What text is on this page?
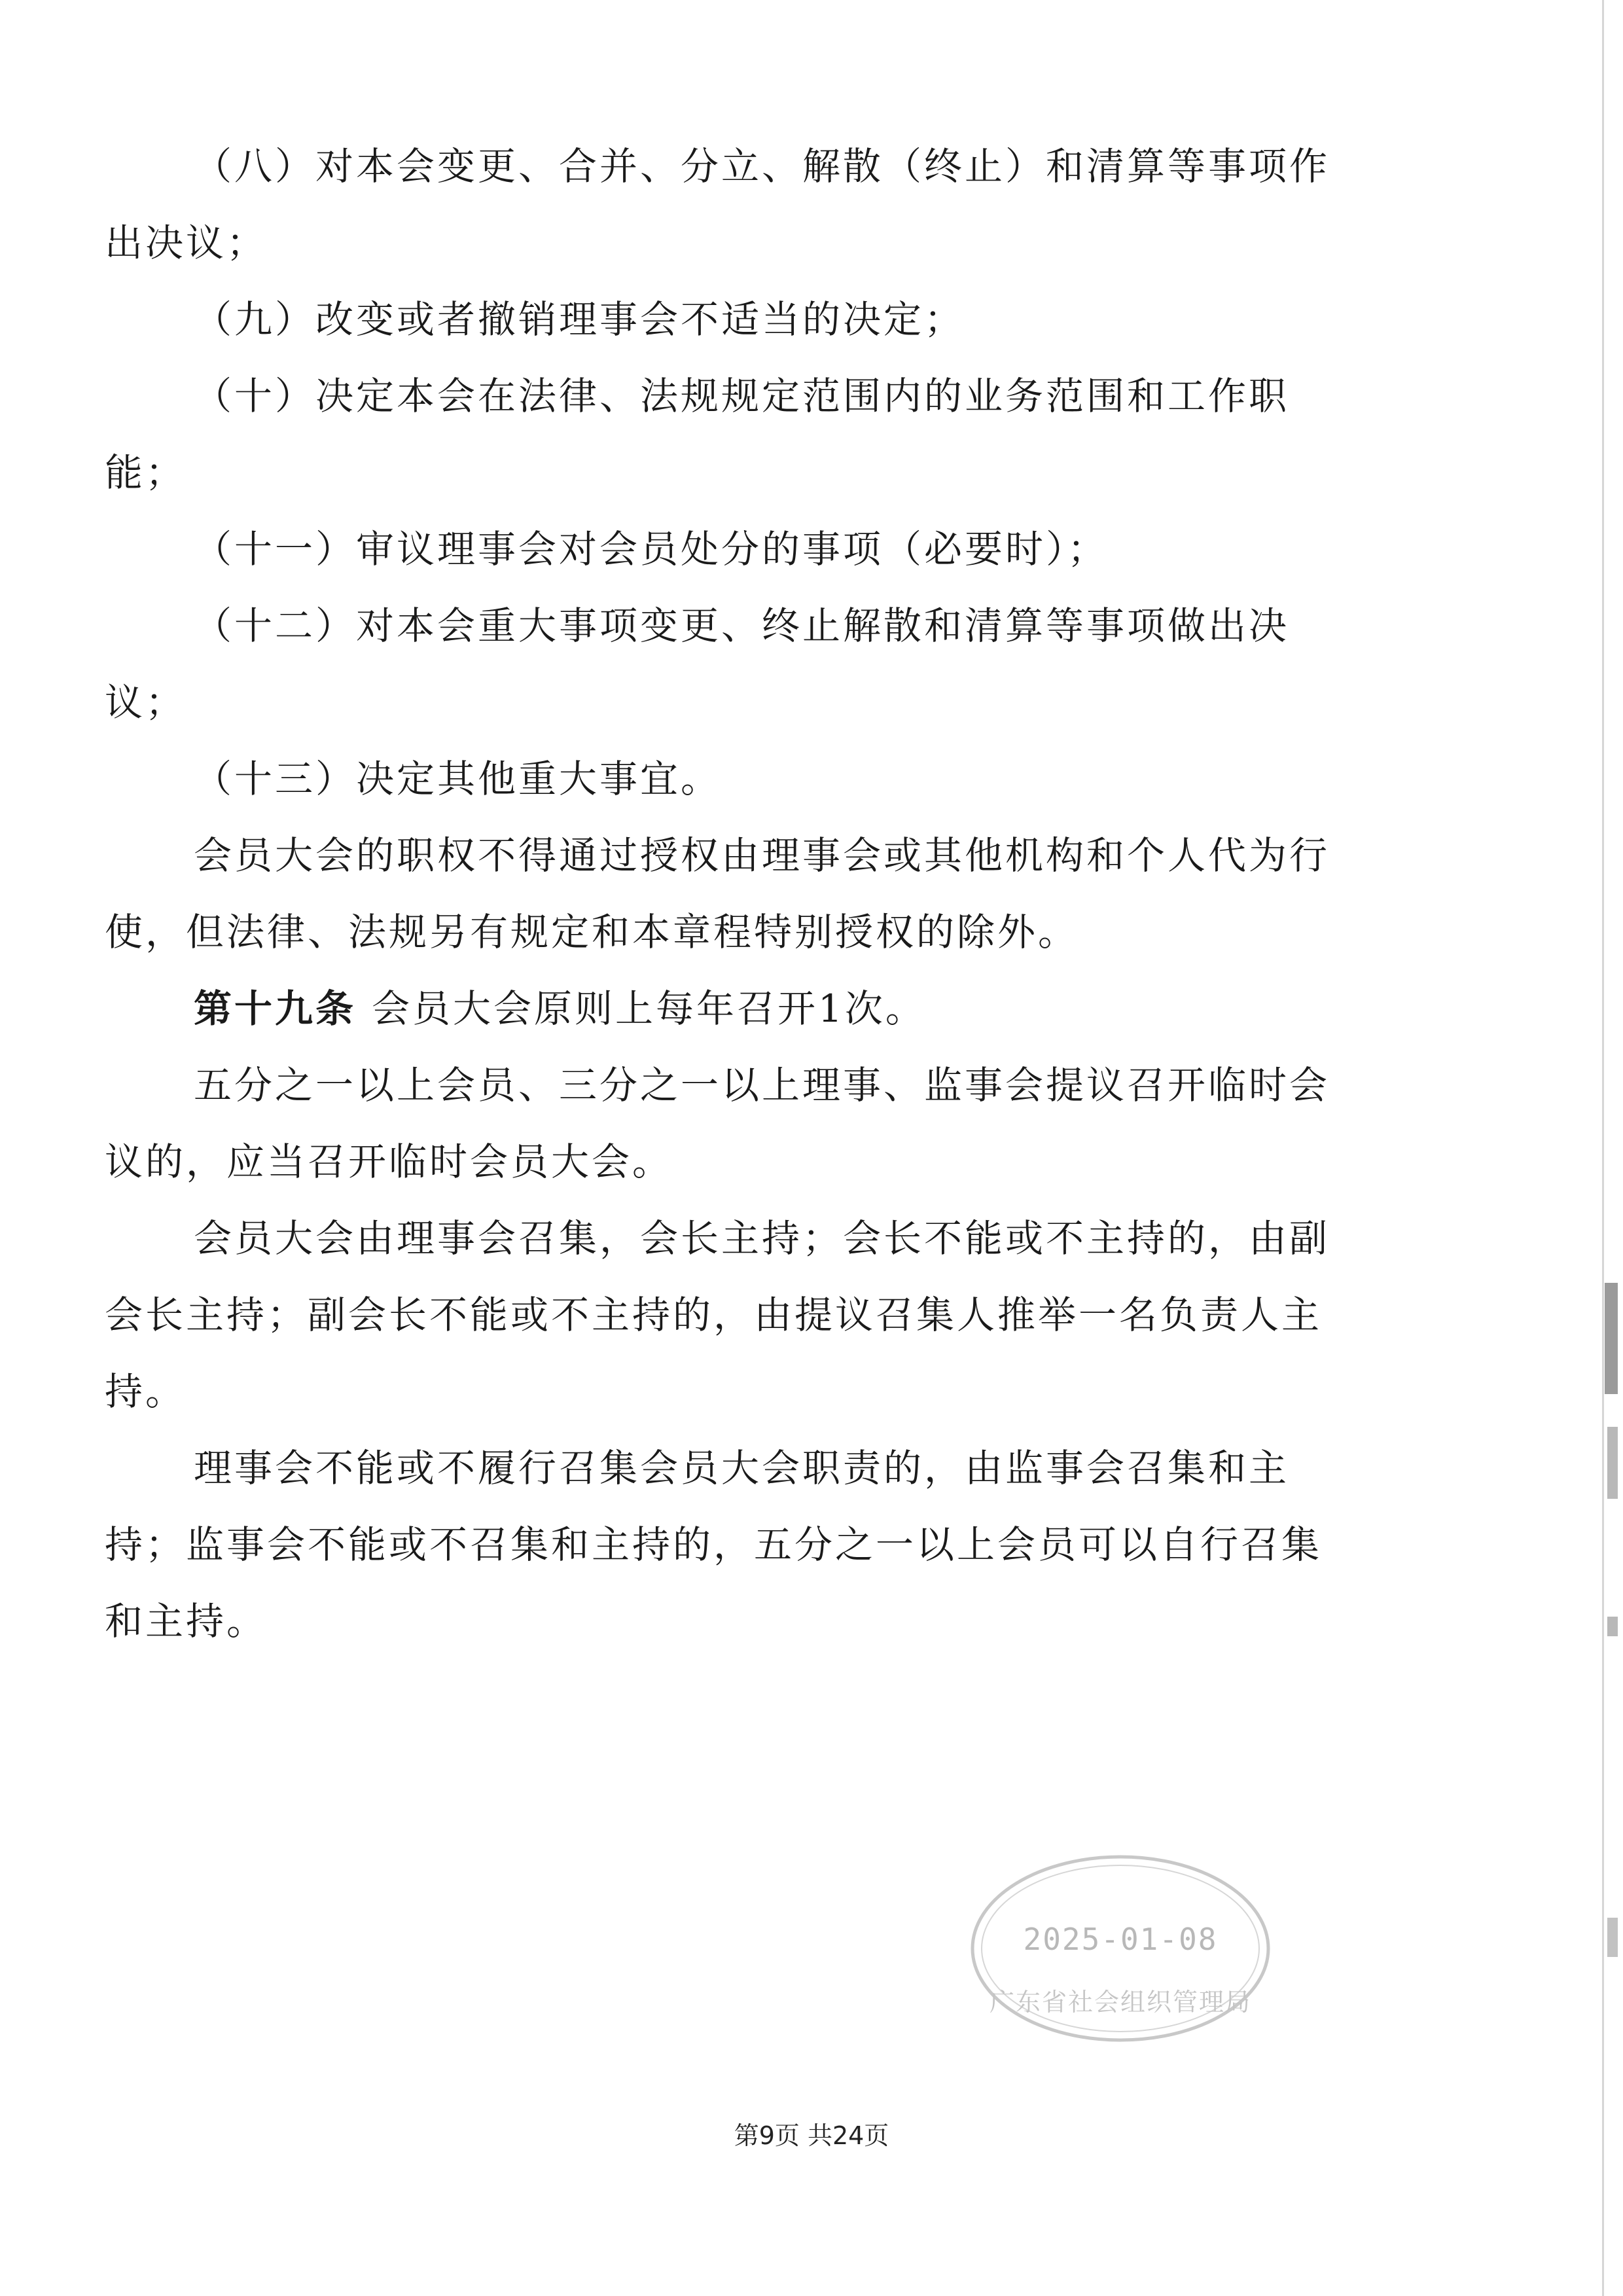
（八）对本会变更、合并、分立、解散（终止）和清算等事项作出决议；

（九）改变或者撤销理事会不适当的决定；

（十）决定本会在法律、法规规定范围内的业务范围和工作职能；

（十一）审议理事会对会员处分的事项（必要时）；

（十二）对本会重大事项变更、终止解散和清算等事项做出决议；

（十三）决定其他重大事宜。

会员大会的职权不得通过授权由理事会或其他机构和个人代为行使，但法律、法规另有规定和本章程特别授权的除外。

第十九条 会员大会原则上每年召开1次。

五分之一以上会员、三分之一以上理事、监事会提议召开临时会议的，应当召开临时会员大会。

会员大会由理事会召集，会长主持；会长不能或不主持的，由副会长主持；副会长不能或不主持的，由提议召集人推举一名负责人主持。

理事会不能或不履行召集会员大会职责的，由监事会召集和主持；监事会不能或不召集和主持的，五分之一以上会员可以自行召集和主持。

2025-01-08
广东省社会组织管理局
第9页 共24页
